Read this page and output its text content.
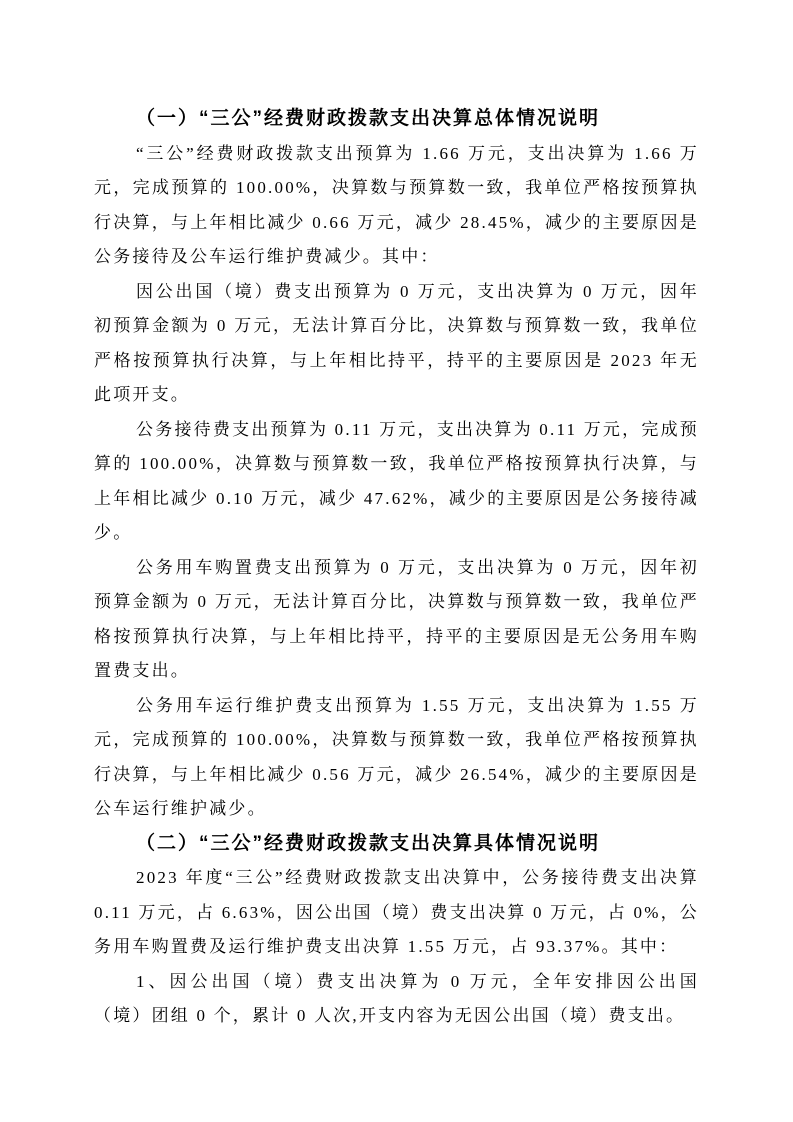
（一）“三公”经费财政拨款支出决算总体情况说明

“三公”经费财政拨款支出预算为 1.66 万元，支出决算为 1.66 万元，完成预算的 100.00%，决算数与预算数一致，我单位严格按预算执行决算，与上年相比减少 0.66 万元，减少 28.45%，减少的主要原因是公务接待及公车运行维护费减少。其中：

因公出国（境）费支出预算为 0 万元，支出决算为 0 万元，因年初预算金额为 0 万元，无法计算百分比，决算数与预算数一致，我单位严格按预算执行决算，与上年相比持平，持平的主要原因是 2023 年无此项开支。

公务接待费支出预算为 0.11 万元，支出决算为 0.11 万元，完成预算的 100.00%，决算数与预算数一致，我单位严格按预算执行决算，与上年相比减少 0.10 万元，减少 47.62%，减少的主要原因是公务接待减少。

公务用车购置费支出预算为 0 万元，支出决算为 0 万元，因年初预算金额为 0 万元，无法计算百分比，决算数与预算数一致，我单位严格按预算执行决算，与上年相比持平，持平的主要原因是无公务用车购置费支出。

公务用车运行维护费支出预算为 1.55 万元，支出决算为 1.55 万元，完成预算的 100.00%，决算数与预算数一致，我单位严格按预算执行决算，与上年相比减少 0.56 万元，减少 26.54%，减少的主要原因是公车运行维护减少。

（二）“三公”经费财政拨款支出决算具体情况说明

2023 年度“三公”经费财政拨款支出决算中，公务接待费支出决算 0.11 万元，占 6.63%，因公出国（境）费支出决算 0 万元，占 0%，公务用车购置费及运行维护费支出决算 1.55 万元，占 93.37%。其中：

1、因公出国（境）费支出决算为 0 万元，全年安排因公出国（境）团组 0 个，累计 0 人次,开支内容为无因公出国（境）费支出。
